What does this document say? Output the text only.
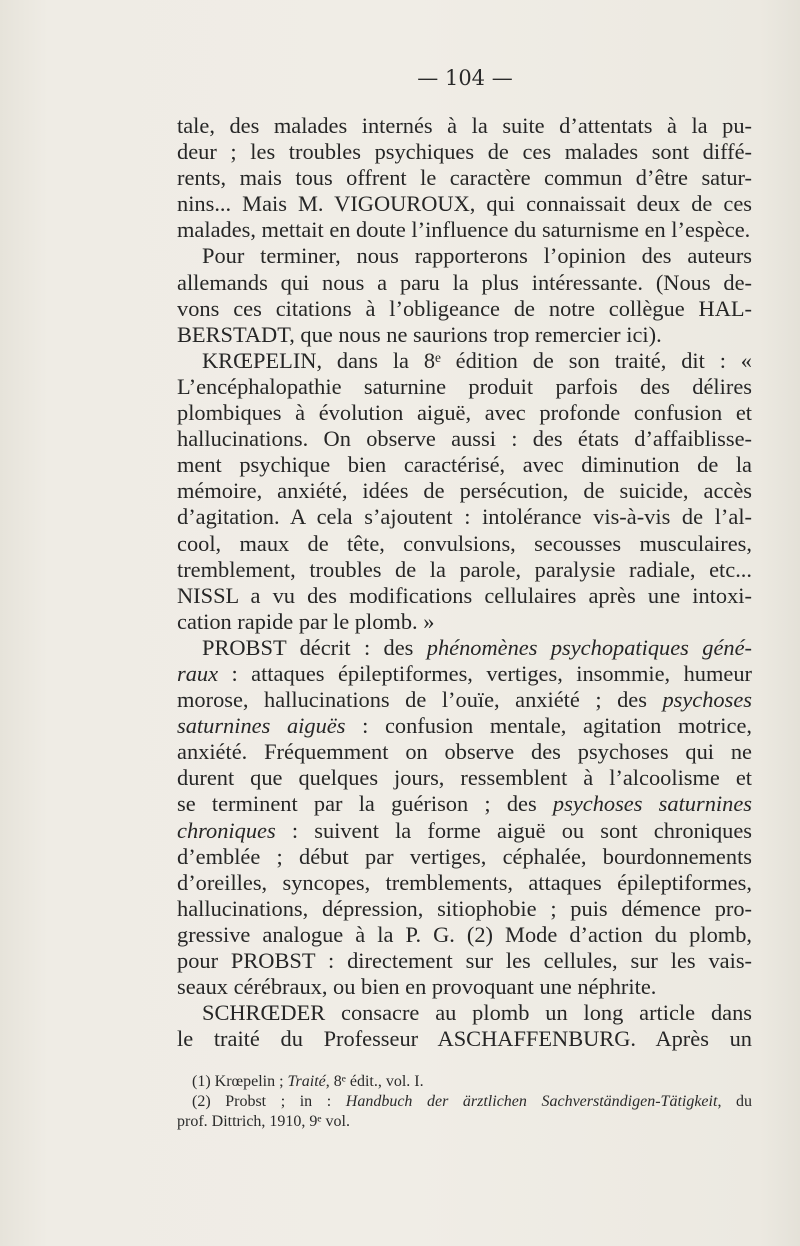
— 104 —
tale, des malades internés à la suite d’attentats à la pu-
deur ; les troubles psychiques de ces malades sont diffé-
rents, mais tous offrent le caractère commun d’être satur-
nins... Mais M. VIGOUROUX, qui connaissait deux de ces
malades, mettait en doute l’influence du saturnisme en l’espèce.
Pour terminer, nous rapporterons l’opinion des auteurs
allemands qui nous a paru la plus intéressante. (Nous de-
vons ces citations à l’obligeance de notre collègue HAL-
BERSTADT, que nous ne saurions trop remercier ici).
KRŒPELIN, dans la 8ᵉ édition de son traité, dit : «
L’encéphalopathie saturnine produit parfois des délires
plombiques à évolution aiguë, avec profonde confusion et
hallucinations. On observe aussi : des états d’affaiblisse-
ment psychique bien caractérisé, avec diminution de la
mémoire, anxiété, idées de persécution, de suicide, accès
d’agitation. A cela s’ajoutent : intolérance vis-à-vis de l’al-
cool, maux de tête, convulsions, secousses musculaires,
tremblement, troubles de la parole, paralysie radiale, etc...
NISSL a vu des modifications cellulaires après une intoxi-
cation rapide par le plomb. »
PROBST décrit : des phénomènes psychopatiques géné-
raux : attaques épileptiformes, vertiges, insommie, humeur
morose, hallucinations de l’ouïe, anxiété ; des psychoses
saturnines aiguës : confusion mentale, agitation motrice,
anxiété. Fréquemment on observe des psychoses qui ne
durent que quelques jours, ressemblent à l’alcoolisme et
se terminent par la guérison ; des psychoses saturnines
chroniques : suivent la forme aiguë ou sont chroniques
d’emblée ; début par vertiges, céphalée, bourdonnements
d’oreilles, syncopes, tremblements, attaques épileptiformes,
hallucinations, dépression, sitiophobie ; puis démence pro-
gressive analogue à la P. G. (2) Mode d’action du plomb,
pour PROBST : directement sur les cellules, sur les vais-
seaux cérébraux, ou bien en provoquant une néphrite.
SCHRŒDER consacre au plomb un long article dans
le traité du Professeur ASCHAFFENBURG. Après un
(1) Krœpelin ; Traité, 8ᵉ édit., vol. I.
(2) Probst ; in : Handbuch der ärztlichen Sachverständigen-Tätigkeit, du
prof. Dittrich, 1910, 9ᵉ vol.
